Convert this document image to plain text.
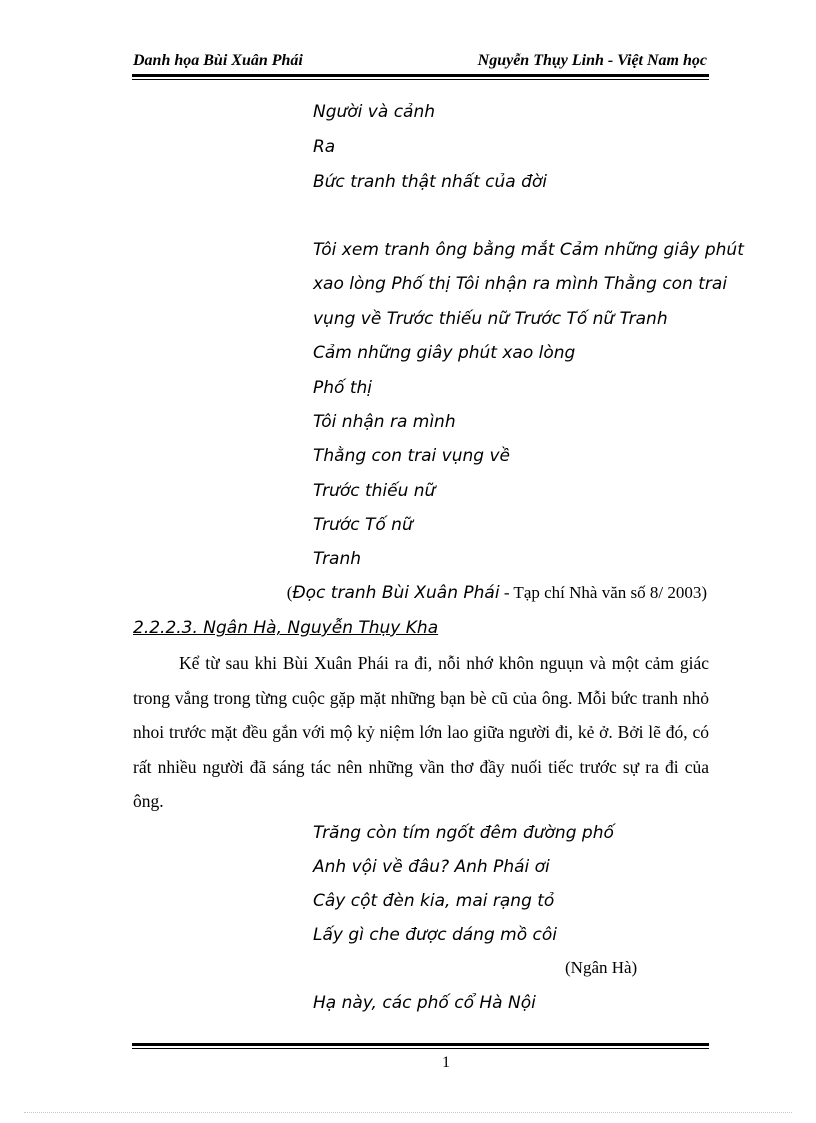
Danh họa Bùi Xuân Phái	Nguyễn Thụy Linh - Việt Nam học
Người và cảnh
Ra
Bức tranh thật nhất của đời
Tôi xem tranh ông bằng mắt Cảm những giây phút
xao lòng Phố thị Tôi nhận ra mình Thằng con trai
vụng về Trước thiếu nữ Trước Tố nữ Tranh
Cảm những giây phút xao lòng
Phố thị
Tôi nhận ra mình
Thằng con trai vụng về
Trước thiếu nữ
Trước Tố nữ
Tranh
(Đọc tranh Bùi Xuân Phái - Tạp chí Nhà văn số 8/ 2003)
2.2.2.3. Ngân Hà, Nguyễn Thụy Kha

Kể từ sau khi Bùi Xuân Phái ra đi, nỗi nhớ khôn nguụn và một cảm giác trong vắng trong từng cuộc gặp mặt những bạn bè cũ của ông. Mỗi bức tranh nhỏ nhoi trước mặt đều gắn với mộ kỷ niệm lớn lao giữa người đi, kẻ ở. Bởi lẽ đó, có rất nhiều người đã sáng tác nên những vần thơ đầy nuối tiếc trước sự ra đi của ông.

Trăng còn tím ngốt đêm đường phố
Anh vội về đâu? Anh Phái ơi
Cây cột đèn kia, mai rạng tỏ
Lấy gì che được dáng mồ côi
(Ngân Hà)
Hạ này, các phố cổ Hà Nội
1
